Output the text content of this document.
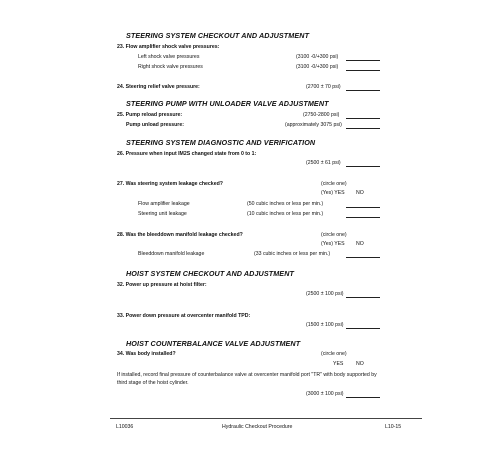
STEERING SYSTEM CHECKOUT AND ADJUSTMENT
23. Flow amplifier shock valve pressures:
Left shock valve pressures	(3100 -0/+300 psi)
Right shock valve pressures	(3100 -0/+300 psi)
24. Steering relief valve pressure:	(2700 ± 70 psi)
STEERING PUMP WITH UNLOADER VALVE ADJUSTMENT
25. Pump reload pressure:	(2750-2800 psi)
Pump unload pressure:	(approximately 3075 psi)
STEERING SYSTEM DIAGNOSTIC AND VERIFICATION
26. Pressure when input IM2S changed state from 0 to 1:
(2500 ± 61 psi)
27. Was steering system leakage checked?	(circle one)
(Yes) YES NO
Flow amplifier leakage	(50 cubic inches or less per min.)
Steering unit leakage	(10 cubic inches or less per min.)
28. Was the bleeddown manifold leakage checked?	(circle one)
(Yes) YES NO
Bleeddown manifold leakage	(33 cubic inches or less per min.)
HOIST SYSTEM CHECKOUT AND ADJUSTMENT
32. Power up pressure at hoist filter:
(2500 ± 100 psi)
33. Power down pressure at overcenter manifold TPD:
(1500 ± 100 psi)
HOIST COUNTERBALANCE VALVE ADJUSTMENT
34. Was body installed?	(circle one)
YES NO
If installed, record final pressure of counterbalance valve at overcenter manifold port "TR" with body supported by
third stage of the hoist cylinder.
(3000 ± 100 psi)
L10036	Hydraulic Checkout Procedure	L10-15
